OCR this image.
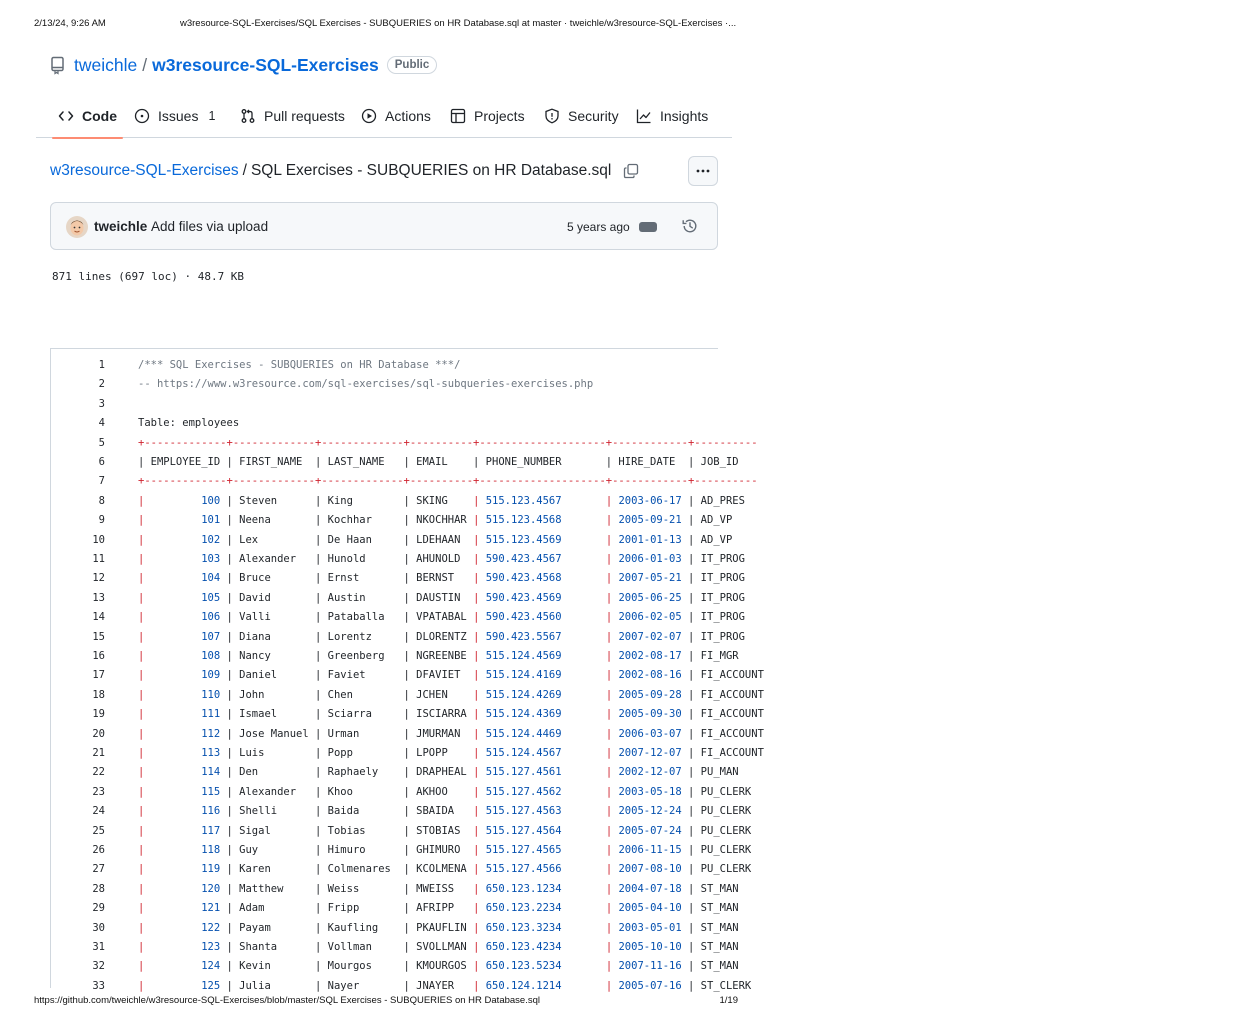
2/13/24, 9:26 AM	w3resource-SQL-Exercises/SQL Exercises - SUBQUERIES on HR Database.sql at master · tweichle/w3resource-SQL-Exercises ·...
tweichle / w3resource-SQL-Exercises	Public
Code	Issues 1	Pull requests	Actions	Projects	Security	Insights
w3resource-SQL-Exercises / SQL Exercises - SUBQUERIES on HR Database.sql
tweichle Add files via upload	5 years ago
871 lines (697 loc) · 48.7 KB
1	/*** SQL Exercises - SUBQUERIES on HR Database ***/
2	-- https://www.w3resource.com/sql-exercises/sql-subqueries-exercises.php
3
4	Table: employees
5	+-------------+-------------+-------------+----------+--------------------+------------+----------
6	| EMPLOYEE_ID | FIRST_NAME  | LAST_NAME   | EMAIL    | PHONE_NUMBER       | HIRE_DATE  | JOB_ID
7	+-------------+-------------+-------------+----------+--------------------+------------+----------
8	|         100 | Steven      | King        | SKING    | 515.123.4567       | 2003-06-17 | AD_PRES
9	|         101 | Neena       | Kochhar     | NKOCHHAR | 515.123.4568       | 2005-09-21 | AD_VP
10	|         102 | Lex         | De Haan     | LDEHAAN  | 515.123.4569       | 2001-01-13 | AD_VP
11	|         103 | Alexander   | Hunold      | AHUNOLD  | 590.423.4567       | 2006-01-03 | IT_PROG
12	|         104 | Bruce       | Ernst       | BERNST   | 590.423.4568       | 2007-05-21 | IT_PROG
13	|         105 | David       | Austin      | DAUSTIN  | 590.423.4569       | 2005-06-25 | IT_PROG
14	|         106 | Valli       | Pataballa   | VPATABAL | 590.423.4560       | 2006-02-05 | IT_PROG
15	|         107 | Diana       | Lorentz     | DLORENTZ | 590.423.5567       | 2007-02-07 | IT_PROG
16	|         108 | Nancy       | Greenberg   | NGREENBE | 515.124.4569       | 2002-08-17 | FI_MGR
17	|         109 | Daniel      | Faviet      | DFAVIET  | 515.124.4169       | 2002-08-16 | FI_ACCOUNT
18	|         110 | John        | Chen        | JCHEN    | 515.124.4269       | 2005-09-28 | FI_ACCOUNT
19	|         111 | Ismael      | Sciarra     | ISCIARRA | 515.124.4369       | 2005-09-30 | FI_ACCOUNT
20	|         112 | Jose Manuel | Urman       | JMURMAN  | 515.124.4469       | 2006-03-07 | FI_ACCOUNT
21	|         113 | Luis        | Popp        | LPOPP    | 515.124.4567       | 2007-12-07 | FI_ACCOUNT
22	|         114 | Den         | Raphaely    | DRAPHEAL | 515.127.4561       | 2002-12-07 | PU_MAN
23	|         115 | Alexander   | Khoo        | AKHOO    | 515.127.4562       | 2003-05-18 | PU_CLERK
24	|         116 | Shelli      | Baida       | SBAIDA   | 515.127.4563       | 2005-12-24 | PU_CLERK
25	|         117 | Sigal       | Tobias      | STOBIAS  | 515.127.4564       | 2005-07-24 | PU_CLERK
26	|         118 | Guy         | Himuro      | GHIMURO  | 515.127.4565       | 2006-11-15 | PU_CLERK
27	|         119 | Karen       | Colmenares  | KCOLMENA | 515.127.4566       | 2007-08-10 | PU_CLERK
28	|         120 | Matthew     | Weiss       | MWEISS   | 650.123.1234       | 2004-07-18 | ST_MAN
29	|         121 | Adam        | Fripp       | AFRIPP   | 650.123.2234       | 2005-04-10 | ST_MAN
30	|         122 | Payam       | Kaufling    | PKAUFLIN | 650.123.3234       | 2003-05-01 | ST_MAN
31	|         123 | Shanta      | Vollman     | SVOLLMAN | 650.123.4234       | 2005-10-10 | ST_MAN
32	|         124 | Kevin       | Mourgos     | KMOURGOS | 650.123.5234       | 2007-11-16 | ST_MAN
33	|         125 | Julia       | Nayer       | JNAYER   | 650.124.1214       | 2005-07-16 | ST_CLERK
https://github.com/tweichle/w3resource-SQL-Exercises/blob/master/SQL Exercises - SUBQUERIES on HR Database.sql	1/19
